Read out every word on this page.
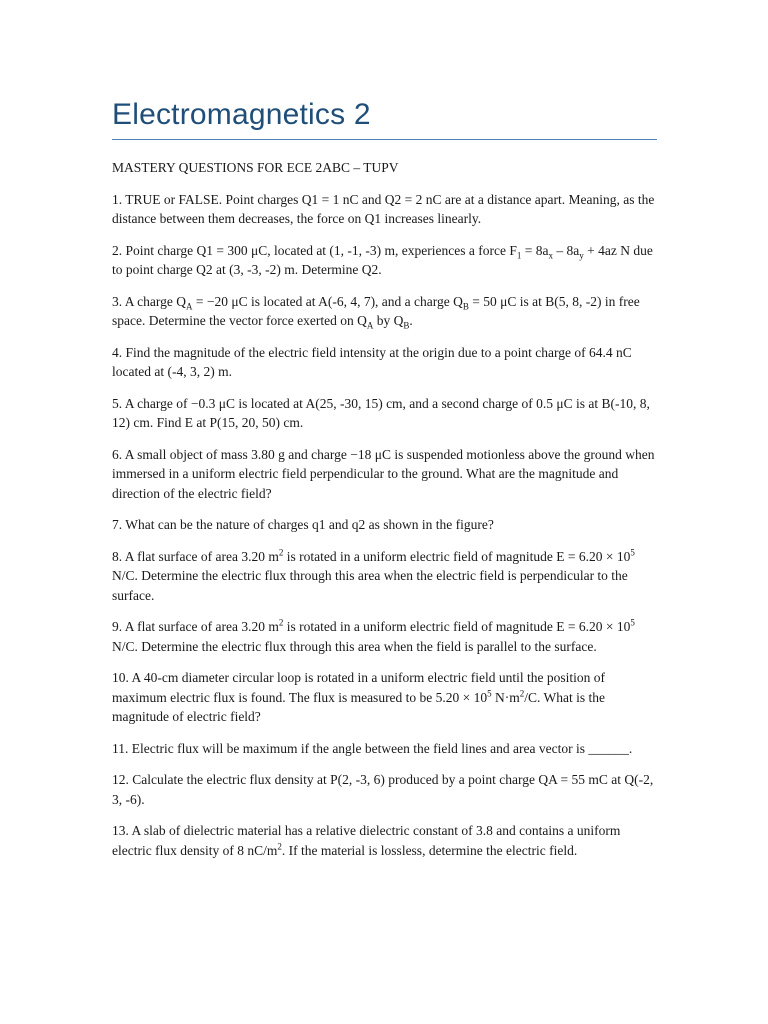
Electromagnetics 2

MASTERY QUESTIONS FOR ECE 2ABC – TUPV

1. TRUE or FALSE. Point charges Q1 = 1 nC and Q2 = 2 nC are at a distance apart. Meaning, as the distance between them decreases, the force on Q1 increases linearly.

2. Point charge Q1 = 300 μC, located at (1, -1, -3) m, experiences a force $F_1 = 8a_x - 8a_y + 4az$ N due to point charge Q2 at (3, -3, -2) m. Determine Q2.

3. A charge $Q_A = -20$ μC is located at A(-6, 4, 7), and a charge $Q_B = 50$ μC is at B(5, 8, -2) in free space. Determine the vector force exerted on $Q_A$ by $Q_B$.

4. Find the magnitude of the electric field intensity at the origin due to a point charge of 64.4 nC located at (-4, 3, 2) m.

5. A charge of −0.3 μC is located at A(25, -30, 15) cm, and a second charge of 0.5 μC is at B(-10, 8, 12) cm. Find E at P(15, 20, 50) cm.

6. A small object of mass 3.80 g and charge −18 μC is suspended motionless above the ground when immersed in a uniform electric field perpendicular to the ground. What are the magnitude and direction of the electric field?

7. What can be the nature of charges q1 and q2 as shown in the figure?

8. A flat surface of area 3.20 $m^2$ is rotated in a uniform electric field of magnitude $E = 6.20 \times 10^5$ N/C. Determine the electric flux through this area when the electric field is perpendicular to the surface.

9. A flat surface of area 3.20 $m^2$ is rotated in a uniform electric field of magnitude $E = 6.20 \times 10^5$ N/C. Determine the electric flux through this area when the field is parallel to the surface.

10. A 40-cm diameter circular loop is rotated in a uniform electric field until the position of maximum electric flux is found. The flux is measured to be $5.20 \times 10^5$ $N\cdot m^2/C$. What is the magnitude of electric field?

11. Electric flux will be maximum if the angle between the field lines and area vector is ______.

12. Calculate the electric flux density at P(2, -3, 6) produced by a point charge QA = 55 mC at Q(-2, 3, -6).

13. A slab of dielectric material has a relative dielectric constant of 3.8 and contains a uniform electric flux density of 8 $nC/m^2$. If the material is lossless, determine the electric field.
